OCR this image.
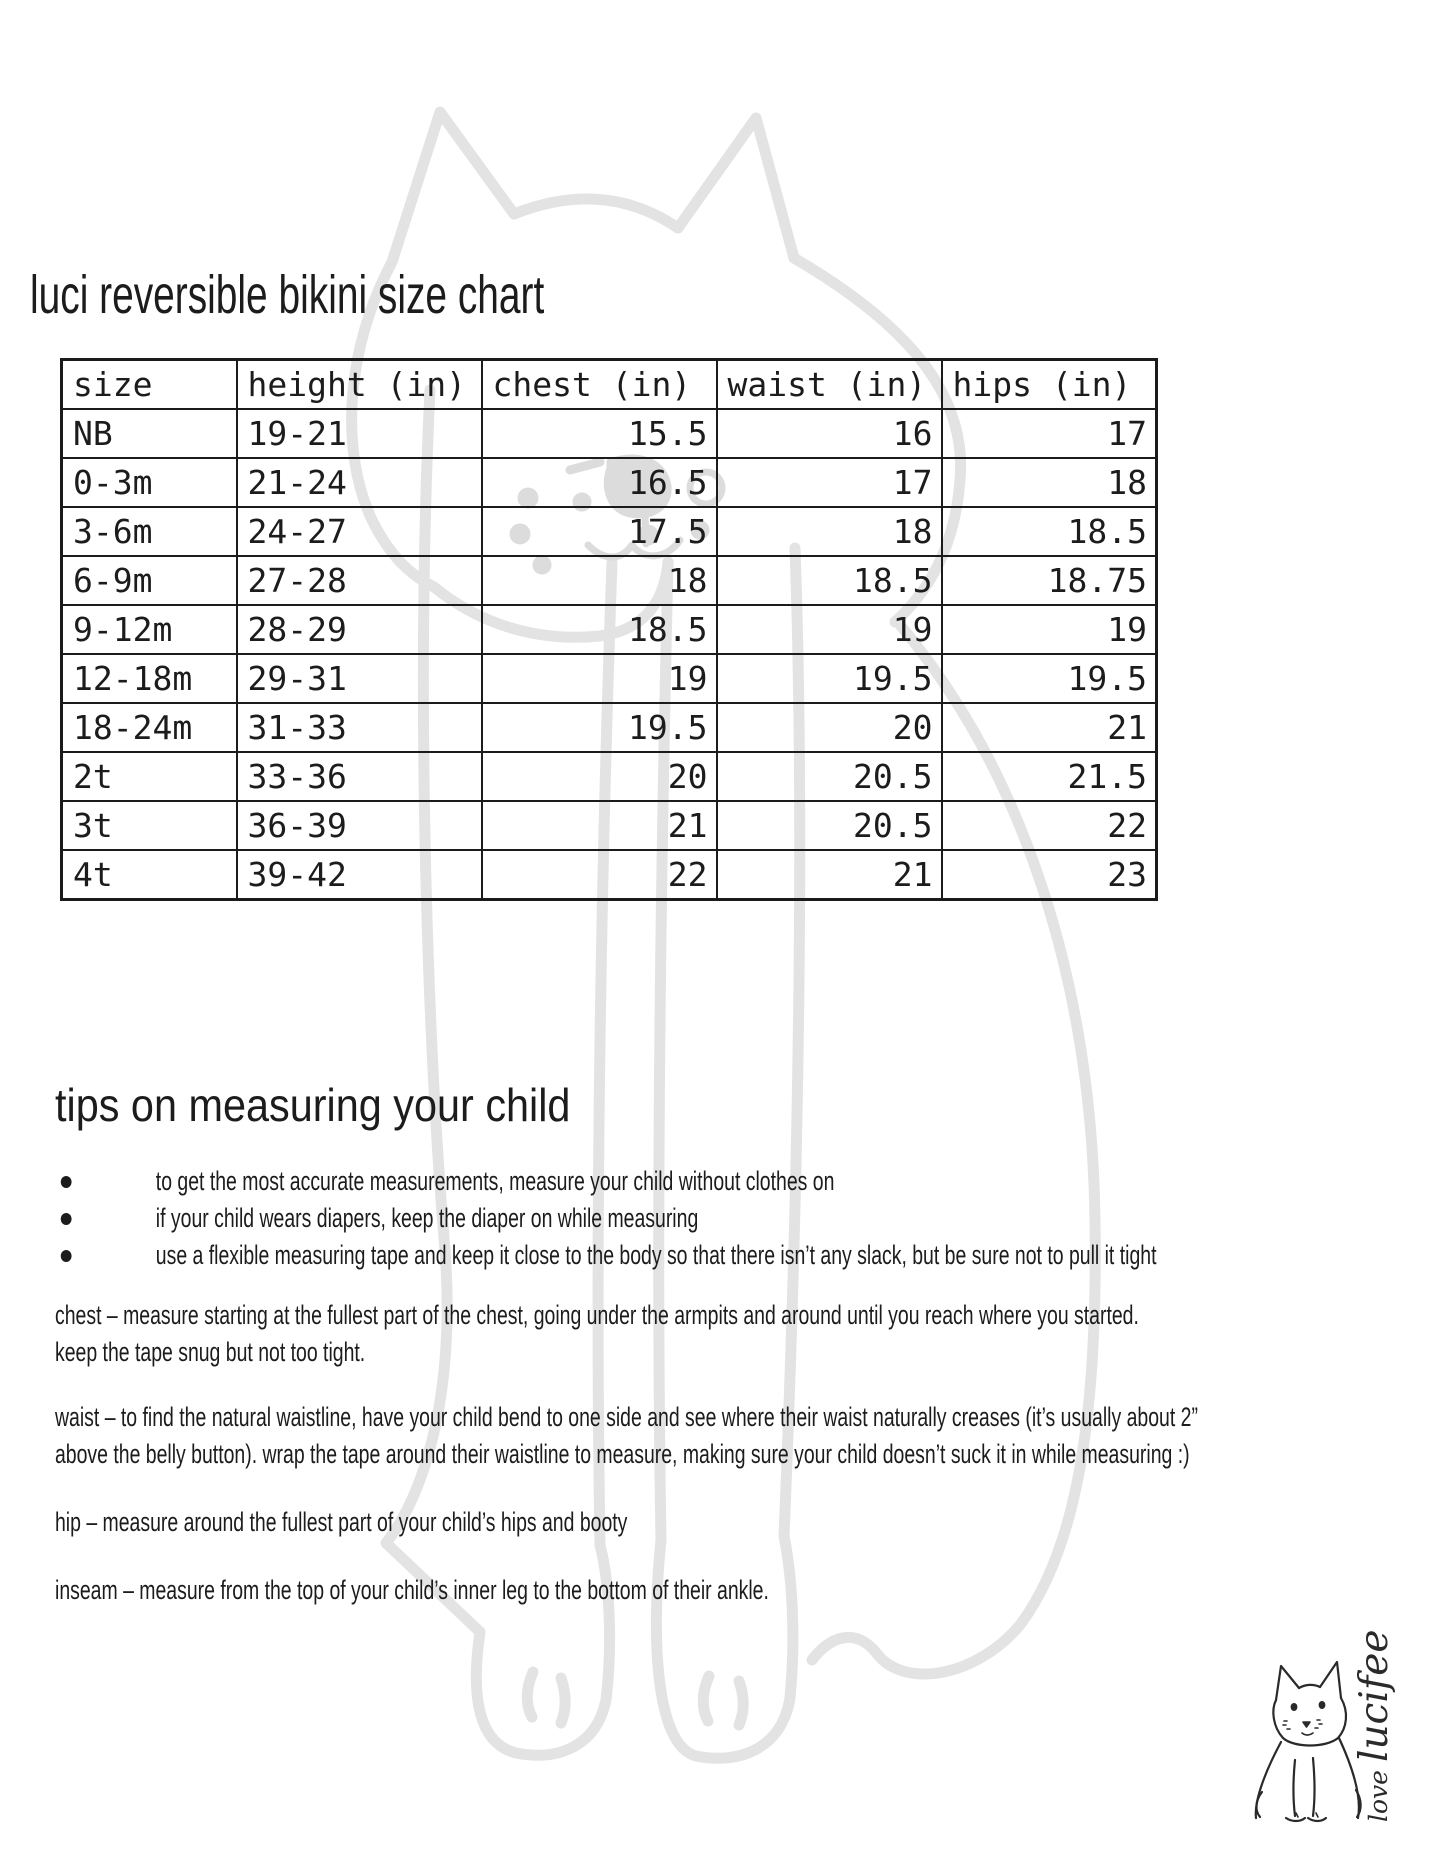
luci reversible bikini size chart
size	height (in)	chest (in)	waist (in)	hips (in)
NB	19-21	15.5	16	17
0-3m	21-24	16.5	17	18
3-6m	24-27	17.5	18	18.5
6-9m	27-28	18	18.5	18.75
9-12m	28-29	18.5	19	19
12-18m	29-31	19	19.5	19.5
18-24m	31-33	19.5	20	21
2t	33-36	20	20.5	21.5
3t	36-39	21	20.5	22
4t	39-42	22	21	23
tips on measuring your child
to get the most accurate measurements, measure your child without clothes on
if your child wears diapers, keep the diaper on while measuring
use a flexible measuring tape and keep it close to the body so that there isn’t any slack, but be sure not to pull it tight
chest – measure starting at the fullest part of the chest, going under the armpits and around until you reach where you started.
keep the tape snug but not too tight.
waist – to find the natural waistline, have your child bend to one side and see where their waist naturally creases (it’s usually about 2”
above the belly button). wrap the tape around their waistline to measure, making sure your child doesn’t suck it in while measuring :)
hip – measure around the fullest part of your child’s hips and booty
inseam – measure from the top of your child’s inner leg to the bottom of their ankle.
love
lucifee
